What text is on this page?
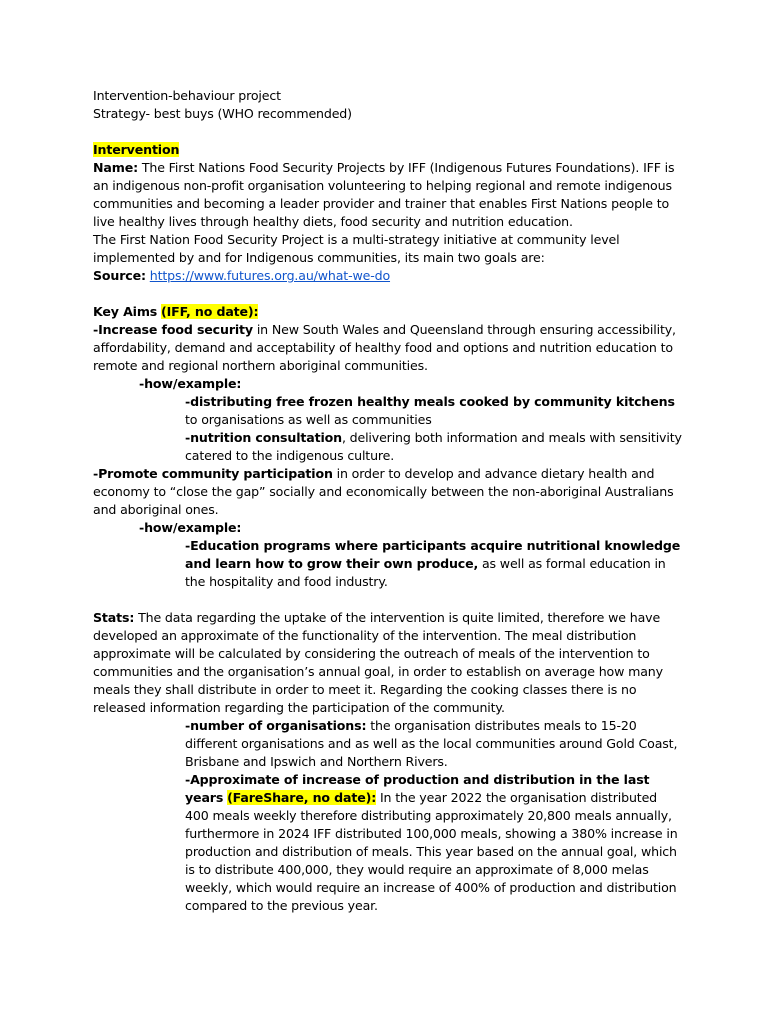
Intervention-behaviour project

Strategy- best buys (WHO recommended)

Intervention

Name: The First Nations Food Security Projects by IFF (Indigenous Futures Foundations). IFF is an indigenous non-profit organisation volunteering to helping regional and remote indigenous communities and becoming a leader provider and trainer that enables First Nations people to live healthy lives through healthy diets, food security and nutrition education.

The First Nation Food Security Project is a multi-strategy initiative at community level implemented by and for Indigenous communities, its main two goals are:

Source: https://www.futures.org.au/what-we-do

Key Aims (IFF, no date):

-Increase food security in New South Wales and Queensland through ensuring accessibility, affordability, demand and acceptability of healthy food and options and nutrition education to remote and regional northern aboriginal communities.

-how/example:

-distributing free frozen healthy meals cooked by community kitchens to organisations as well as communities

-nutrition consultation, delivering both information and meals with sensitivity catered to the indigenous culture.

-Promote community participation in order to develop and advance dietary health and economy to “close the gap” socially and economically between the non-aboriginal Australians and aboriginal ones.

-how/example:

-Education programs where participants acquire nutritional knowledge and learn how to grow their own produce, as well as formal education in the hospitality and food industry.

Stats: The data regarding the uptake of the intervention is quite limited, therefore we have developed an approximate of the functionality of the intervention. The meal distribution approximate will be calculated by considering the outreach of meals of the intervention to communities and the organisation’s annual goal, in order to establish on average how many meals they shall distribute in order to meet it. Regarding the cooking classes there is no released information regarding the participation of the community.

-number of organisations: the organisation distributes meals to 15-20 different organisations and as well as the local communities around Gold Coast, Brisbane and Ipswich and Northern Rivers.

-Approximate of increase of production and distribution in the last years (FareShare, no date): In the year 2022 the organisation distributed 400 meals weekly therefore distributing approximately 20,800 meals annually, furthermore in 2024 IFF distributed 100,000 meals, showing a 380% increase in production and distribution of meals. This year based on the annual goal, which is to distribute 400,000, they would require an approximate of 8,000 melas weekly, which would require an increase of 400% of production and distribution compared to the previous year.
